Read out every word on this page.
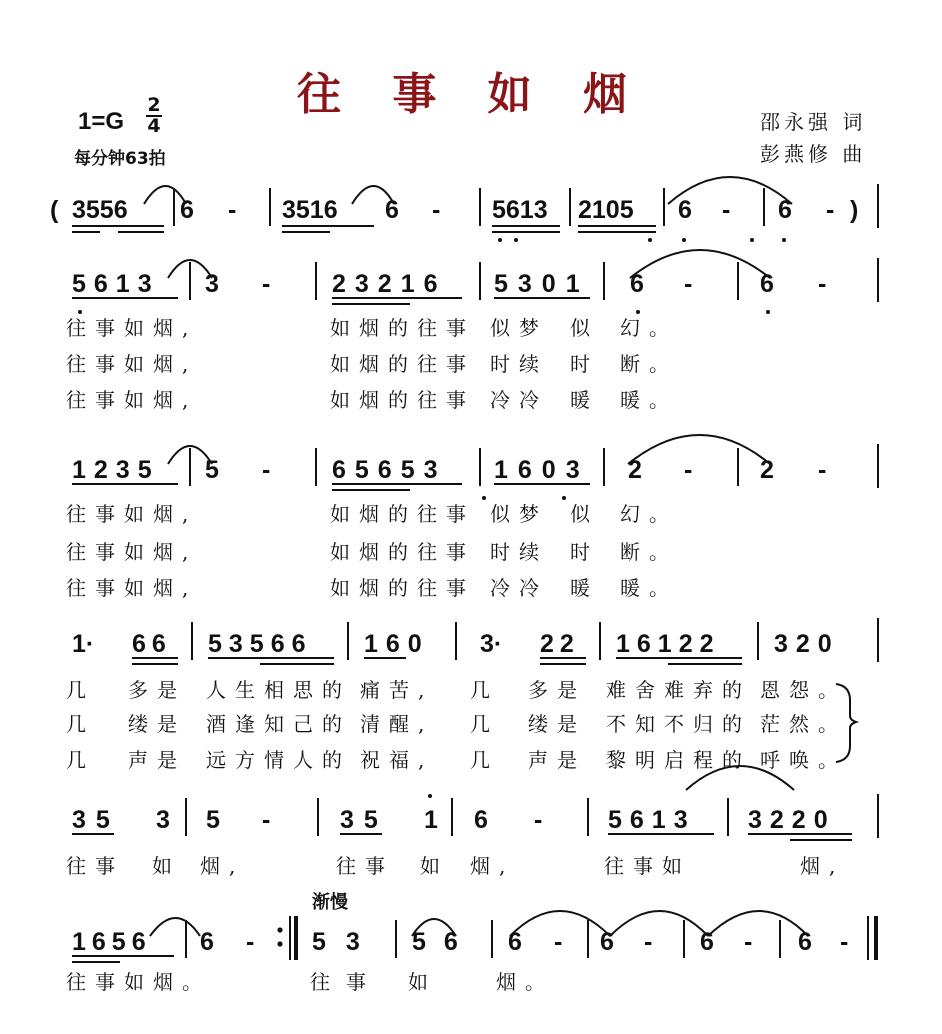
往 事 如 烟
1=G
2
4
每分钟63拍
邵永强 词
彭燕修 曲
( 3556 6 - 3516 6 - 5613 2105 6 - 6 - )
5613 3 - 23216 5301 6 -	6 -
往事如烟,	如烟的往事 似梦 似 幻。
往事如烟,	如烟的往事 时续 时 断。
往事如烟,	如烟的往事 冷冷 暖 暖。
1235 5 - 65653 1603 2 -	2 -
往事如烟,	如烟的往事 似梦 似 幻。
往事如烟,	如烟的往事 时续 时 断。
往事如烟,	如烟的往事 冷冷 暖 暖。
1· 66 53566 160 3· 22 16122 320
几 多是 人生相思的 痛苦, 几 多是 难舍难弃的 恩怨。
几 缕是 酒逢知己的 清醒, 几 缕是 不知不归的 茫然。
几 声是 远方情人的 祝福, 几 声是 黎明启程的 呼唤。
35 3 5 -	35 1 6 -	5613 3220
往事 如 烟,	往事 如 烟,	往事如	烟,
渐慢
1656 6 - 53 56 6 - 6 - 6 - 6 -
往事如烟。	往 事 如	烟。
